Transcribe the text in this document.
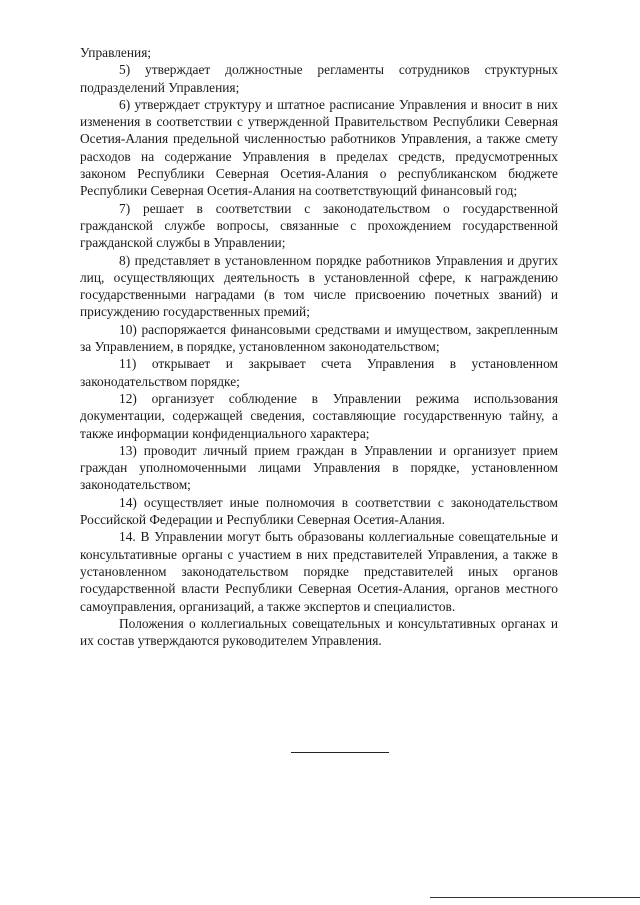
Управления;

5) утверждает должностные регламенты сотрудников структурных подразделений Управления;

6) утверждает структуру и штатное расписание Управления и вносит в них изменения в соответствии с утвержденной Правительством Республики Северная Осетия-Алания предельной численностью работников Управления, а также смету расходов на содержание Управления в пределах средств, предусмотренных законом Республики Северная Осетия-Алания о республиканском бюджете Республики Северная Осетия-Алания на соответствующий финансовый год;

7) решает в соответствии с законодательством о государственной гражданской службе вопросы, связанные с прохождением государственной гражданской службы в Управлении;

8) представляет в установленном порядке работников Управления и других лиц, осуществляющих деятельность в установленной сфере, к награждению государственными наградами (в том числе присвоению почетных званий) и присуждению государственных премий;

10) распоряжается финансовыми средствами и имуществом, закрепленным за Управлением, в порядке, установленном законодательством;

11) открывает и закрывает счета Управления в установленном законодательством порядке;

12) организует соблюдение в Управлении режима использования документации, содержащей сведения, составляющие государственную тайну, а также информации конфиденциального характера;

13) проводит личный прием граждан в Управлении и организует прием граждан уполномоченными лицами Управления в порядке, установленном законодательством;

14) осуществляет иные полномочия в соответствии с законодательством Российской Федерации и Республики Северная Осетия-Алания.

14. В Управлении могут быть образованы коллегиальные совещательные и консультативные органы с участием в них представителей Управления, а также в установленном законодательством порядке представителей иных органов государственной власти Республики Северная Осетия-Алания, органов местного самоуправления, организаций, а также экспертов и специалистов.

Положения о коллегиальных совещательных и консультативных органах и их состав утверждаются руководителем Управления.
